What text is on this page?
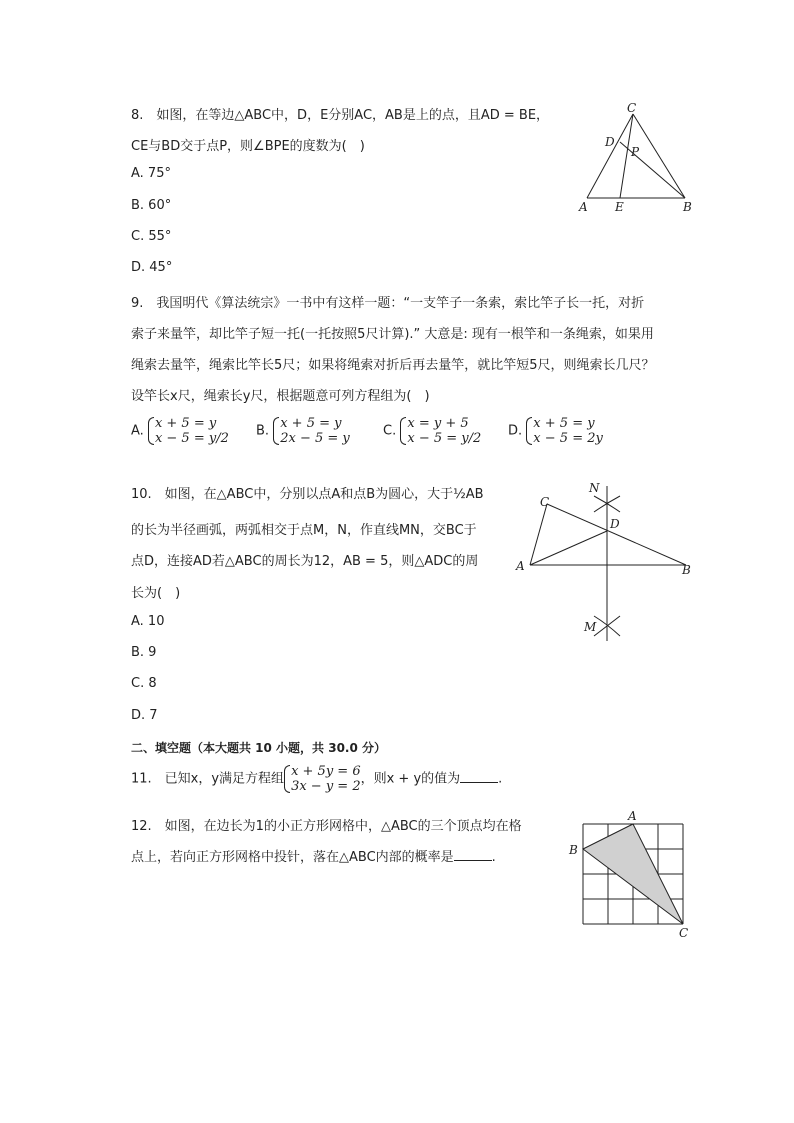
8.　如图，在等边△ABC中，D，E分别AC，AB是上的点，且AD = BE，
CE与BD交于点P，则∠BPE的度数为(　)
A. 75°
B. 60°
C. 55°
D. 45°
A	B
C
D
E
P
9.　我国明代《算法统宗》一书中有这样一题：“一支竿子一条索，索比竿子长一托，对折
索子来量竿，却比竿子短一托(一托按照5尺计算).” 大意是: 现有一根竿和一条绳索，如果用
绳索去量竿，绳索比竿长5尺；如果将绳索对折后再去量竿，就比竿短5尺，则绳索长几尺？
设竿长x尺，绳索长y尺，根据题意可列方程组为(　)
A. x + 5 = y
x − 5 = y/2 B. x + 5 = y
2x − 5 = y	C. x = y + 5
x − 5 = y/2 D. x + 5 = y
x − 5 = 2y
10.　如图，在△ABC中，分别以点A和点B为圆心，大于½AB
的长为半径画弧，两弧相交于点M，N，作直线MN，交BC于
点D，连接AD若△ABC的周长为12，AB = 5，则△ADC的周
长为(　)
A. 10
B. 9
C. 8
D. 7
A	B
C
D
N
M
二、填空题（本大题共 10 小题，共 30.0 分）
11.　已知x，y满足方程组 x + 5y = 6
3x − y = 2，则x + y的值为	.
12.　如图，在边长为1的小正方形网格中，△ABC的三个顶点均在格
点上，若向正方形网格中投针，落在△ABC内部的概率是	.
A
B
C
